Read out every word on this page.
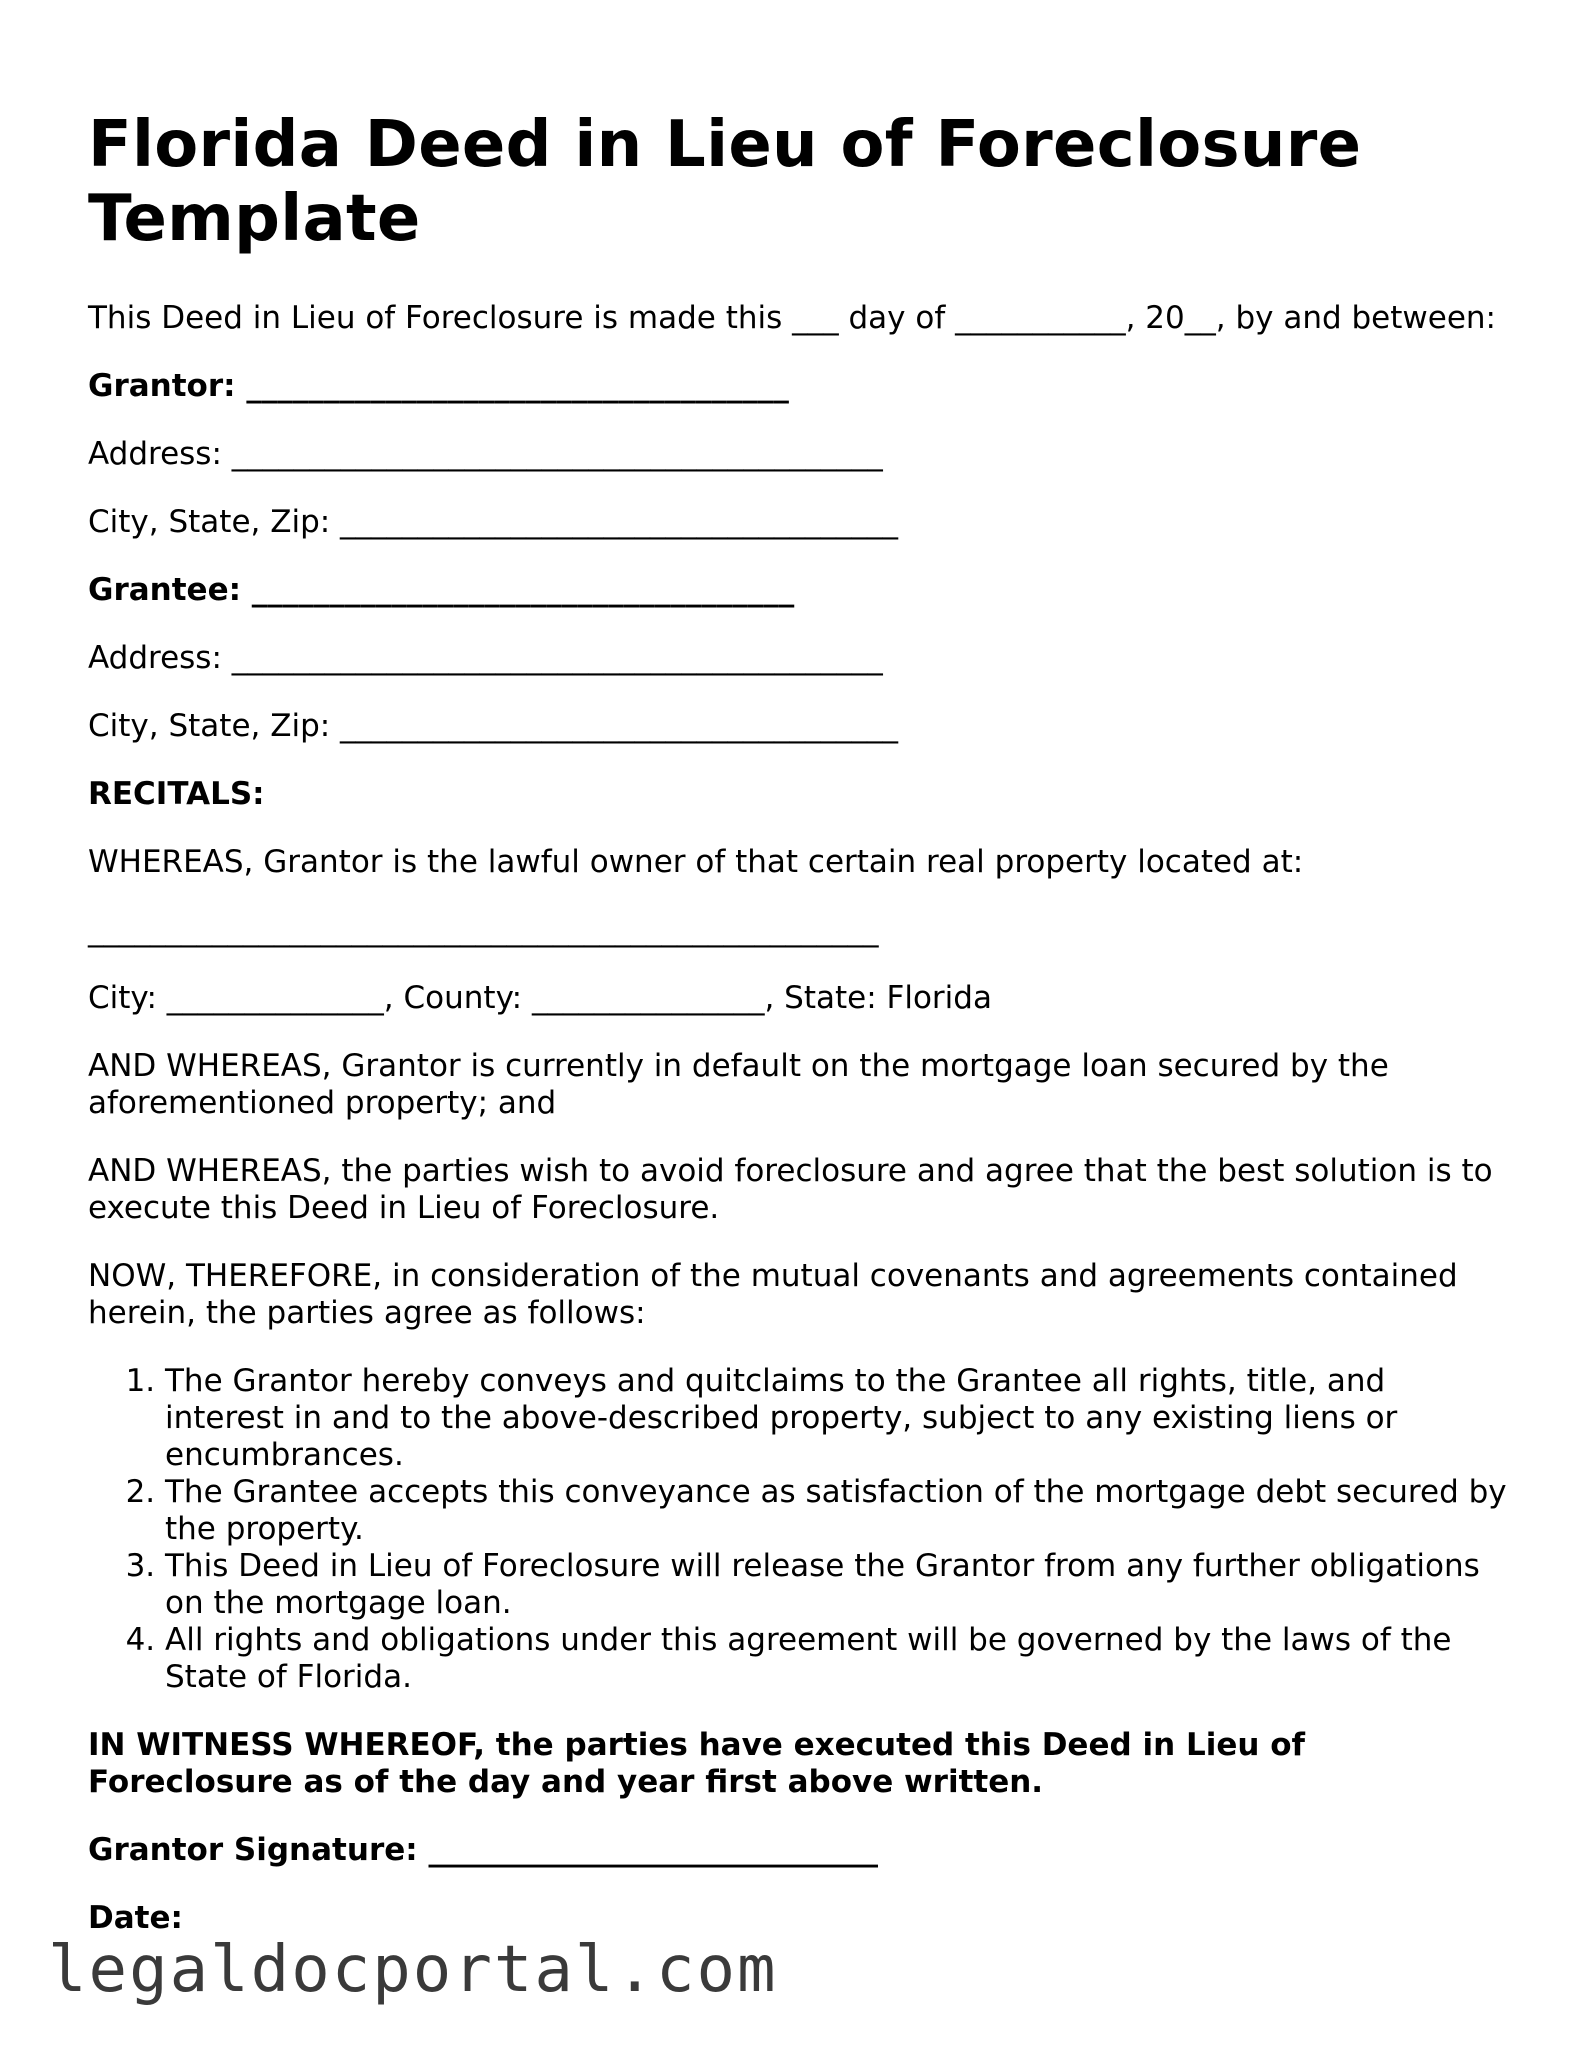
Florida Deed in Lieu of Foreclosure Template

This Deed in Lieu of Foreclosure is made this ___ day of ___________, 20__, by and between:

Grantor: ___________________________________

Address: __________________________________________

City, State, Zip: ____________________________________

Grantee: ___________________________________

Address: __________________________________________

City, State, Zip: ____________________________________

RECITALS:

WHEREAS, Grantor is the lawful owner of that certain real property located at:

___________________________________________________

City: ______________, County: _______________, State: Florida

AND WHEREAS, Grantor is currently in default on the mortgage loan secured by the aforementioned property; and

AND WHEREAS, the parties wish to avoid foreclosure and agree that the best solution is to execute this Deed in Lieu of Foreclosure.

NOW, THEREFORE, in consideration of the mutual covenants and agreements contained herein, the parties agree as follows:

1. The Grantor hereby conveys and quitclaims to the Grantee all rights, title, and interest in and to the above-described property, subject to any existing liens or encumbrances.
2. The Grantee accepts this conveyance as satisfaction of the mortgage debt secured by the property.
3. This Deed in Lieu of Foreclosure will release the Grantor from any further obligations on the mortgage loan.
4. All rights and obligations under this agreement will be governed by the laws of the State of Florida.

IN WITNESS WHEREOF, the parties have executed this Deed in Lieu of Foreclosure as of the day and year first above written.

Grantor Signature: _____________________________

Date:

legaldocportal.com
